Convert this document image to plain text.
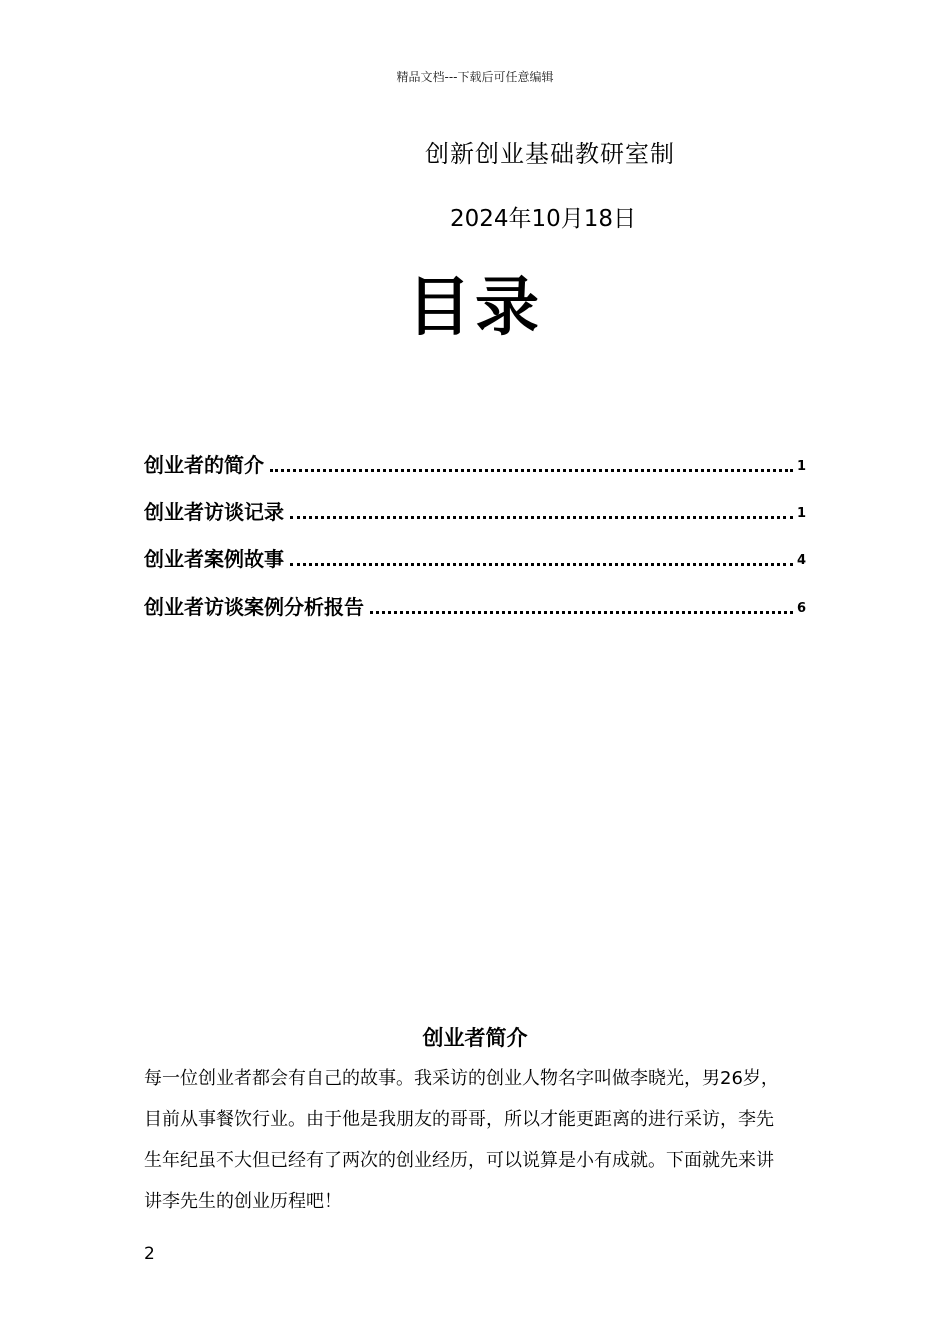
精品文档---下载后可任意编辑
创新创业基础教研室制
2024年10月18日
目录
创业者的简介	1
创业者访谈记录	1
创业者案例故事	4
创业者访谈案例分析报告	6
创业者简介
每一位创业者都会有自己的故事。我采访的创业人物名字叫做李晓光，男26岁，
目前从事餐饮行业。由于他是我朋友的哥哥，所以才能更距离的进行采访，李先
生年纪虽不大但已经有了两次的创业经历，可以说算是小有成就。下面就先来讲
讲李先生的创业历程吧！
2
